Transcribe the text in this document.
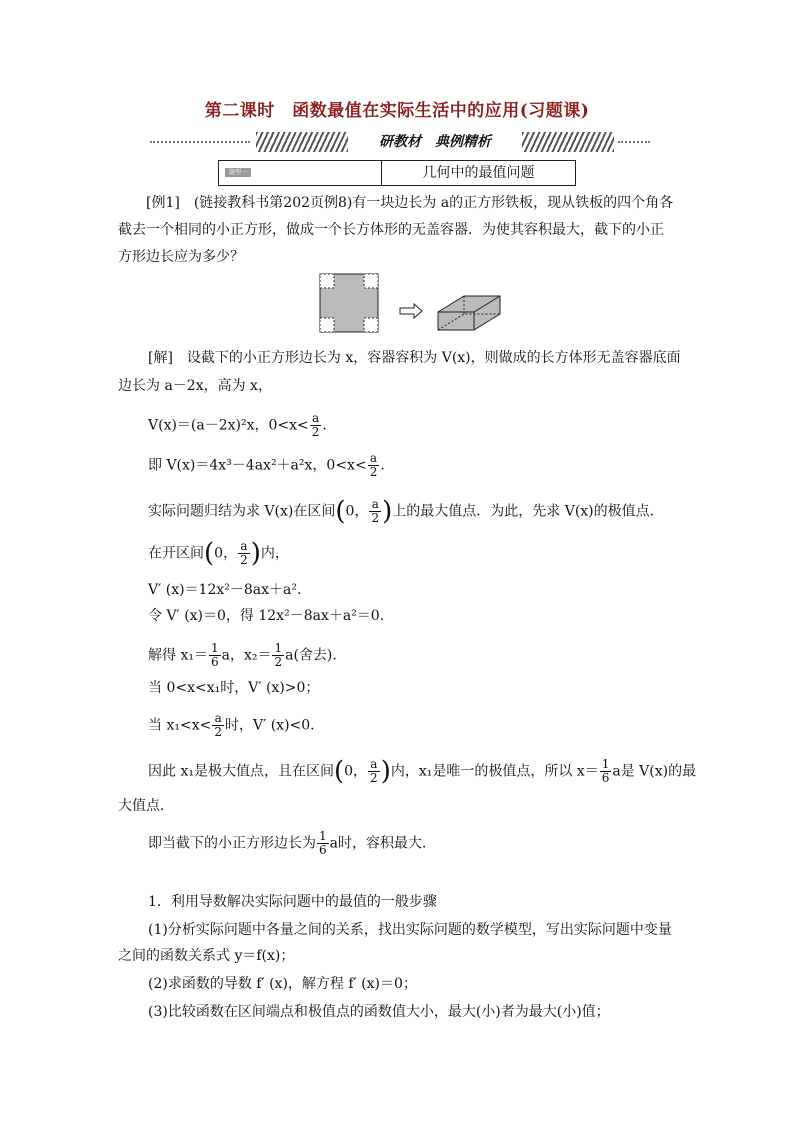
第二课时　函数最值在实际生活中的应用(习题课)
研教材　典例精析
题型一	几何中的最值问题
[例1]　(链接教科书第202页例8)有一块边长为 a的正方形铁板，现从铁板的四个角各截去一个相同的小正方形，做成一个长方体形的无盖容器．为使其容积最大，截下的小正方形边长应为多少？
[解]　设截下的小正方形边长为 x，容器容积为 V(x)，则做成的长方体形无盖容器底面
边长为 a－2x，高为 x，
V(x)＝(a－2x)²x，$0<x< \frac{a}{2}$ .
即 V(x)＝4x³－4ax²＋a²x，$0<x< \frac{a}{2}$ .
实际问题归结为求 V(x)在区间(0， $\frac{a}{2}$ )上的最大值点．为此，先求 V(x)的极值点．
在开区间(0， $\frac{a}{2}$ )内，
V′ (x)＝12x²－8ax＋a².
令 V′ (x)＝0，得 12x²－8ax＋a²＝0.
解得 $x_1= \frac{1}{6}$ a，$x_2= \frac{1}{2} a$(舍去)．
当 0<x<x₁时，V′ (x)>0；
当 $x_1<x< \frac{a}{2}$ 时，V′ (x)<0.
因此 x₁是极大值点，且在区间(0， $\frac{a}{2}$ )内，x₁是唯一的极值点，所以 $x= \frac{1}{6}$ a是 V(x)的最
大值点．
即当截下的小正方形边长为 $\frac{1}{6}$ a时，容积最大．
1．利用导数解决实际问题中的最值的一般步骤
(1)分析实际问题中各量之间的关系，找出实际问题的数学模型，写出实际问题中变量
之间的函数关系式 y＝f(x)；
(2)求函数的导数 f′ (x)，解方程 f′ (x)＝0；
(3)比较函数在区间端点和极值点的函数值大小，最大(小)者为最大(小)值；
